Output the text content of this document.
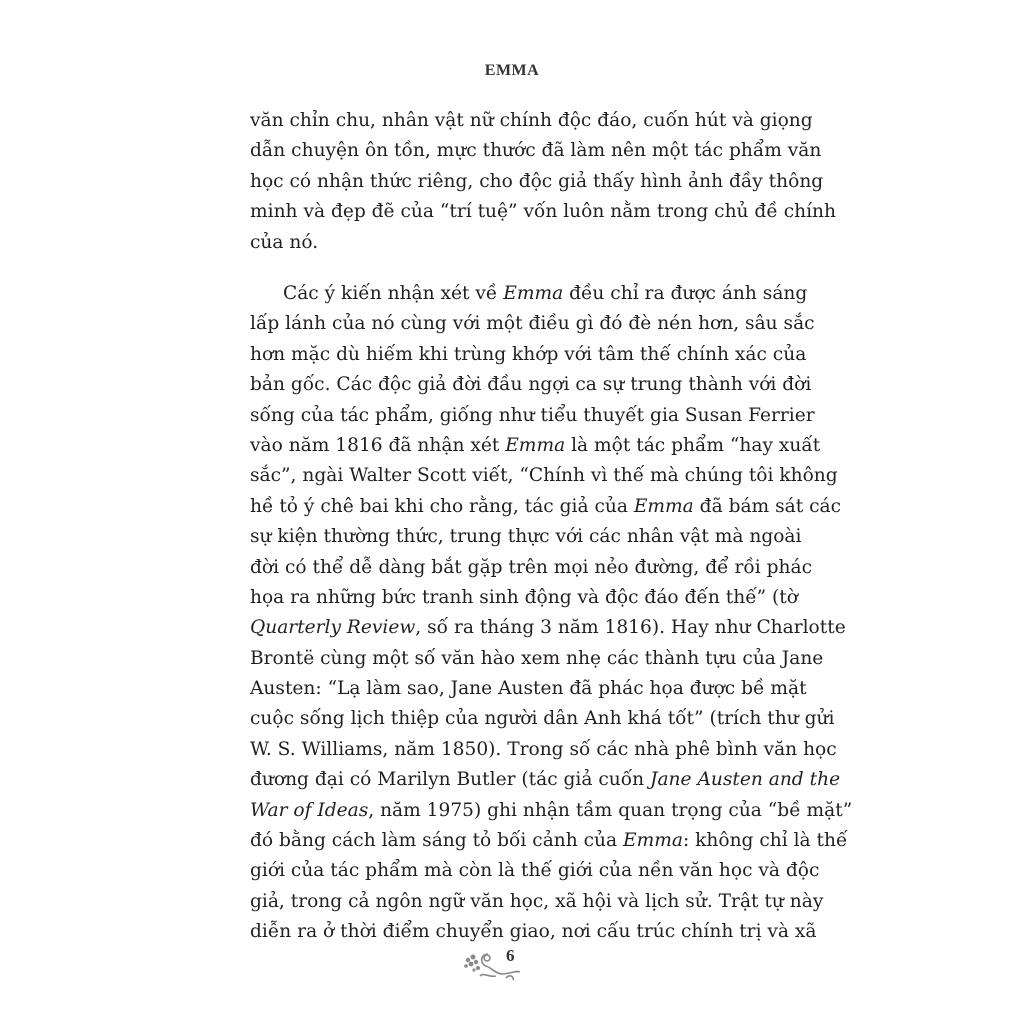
EMMA
văn chỉn chu, nhân vật nữ chính độc đáo, cuốn hút và giọng
dẫn chuyện ôn tồn, mực thước đã làm nên một tác phẩm văn
học có nhận thức riêng, cho độc giả thấy hình ảnh đầy thông
minh và đẹp đẽ của “trí tuệ” vốn luôn nằm trong chủ đề chính
của nó.
Các ý kiến nhận xét về Emma đều chỉ ra được ánh sáng
lấp lánh của nó cùng với một điều gì đó đè nén hơn, sâu sắc
hơn mặc dù hiếm khi trùng khớp với tâm thế chính xác của
bản gốc. Các độc giả đời đầu ngợi ca sự trung thành với đời
sống của tác phẩm, giống như tiểu thuyết gia Susan Ferrier
vào năm 1816 đã nhận xét Emma là một tác phẩm “hay xuất
sắc”, ngài Walter Scott viết, “Chính vì thế mà chúng tôi không
hề tỏ ý chê bai khi cho rằng, tác giả của Emma đã bám sát các
sự kiện thường thức, trung thực với các nhân vật mà ngoài
đời có thể dễ dàng bắt gặp trên mọi nẻo đường, để rồi phác
họa ra những bức tranh sinh động và độc đáo đến thế” (tờ
Quarterly Review, số ra tháng 3 năm 1816). Hay như Charlotte
Brontë cùng một số văn hào xem nhẹ các thành tựu của Jane
Austen: “Lạ làm sao, Jane Austen đã phác họa được bề mặt
cuộc sống lịch thiệp của người dân Anh khá tốt” (trích thư gửi
W. S. Williams, năm 1850). Trong số các nhà phê bình văn học
đương đại có Marilyn Butler (tác giả cuốn Jane Austen and the
War of Ideas, năm 1975) ghi nhận tầm quan trọng của “bề mặt”
đó bằng cách làm sáng tỏ bối cảnh của Emma: không chỉ là thế
giới của tác phẩm mà còn là thế giới của nền văn học và độc
giả, trong cả ngôn ngữ văn học, xã hội và lịch sử. Trật tự này
diễn ra ở thời điểm chuyển giao, nơi cấu trúc chính trị và xã
6
